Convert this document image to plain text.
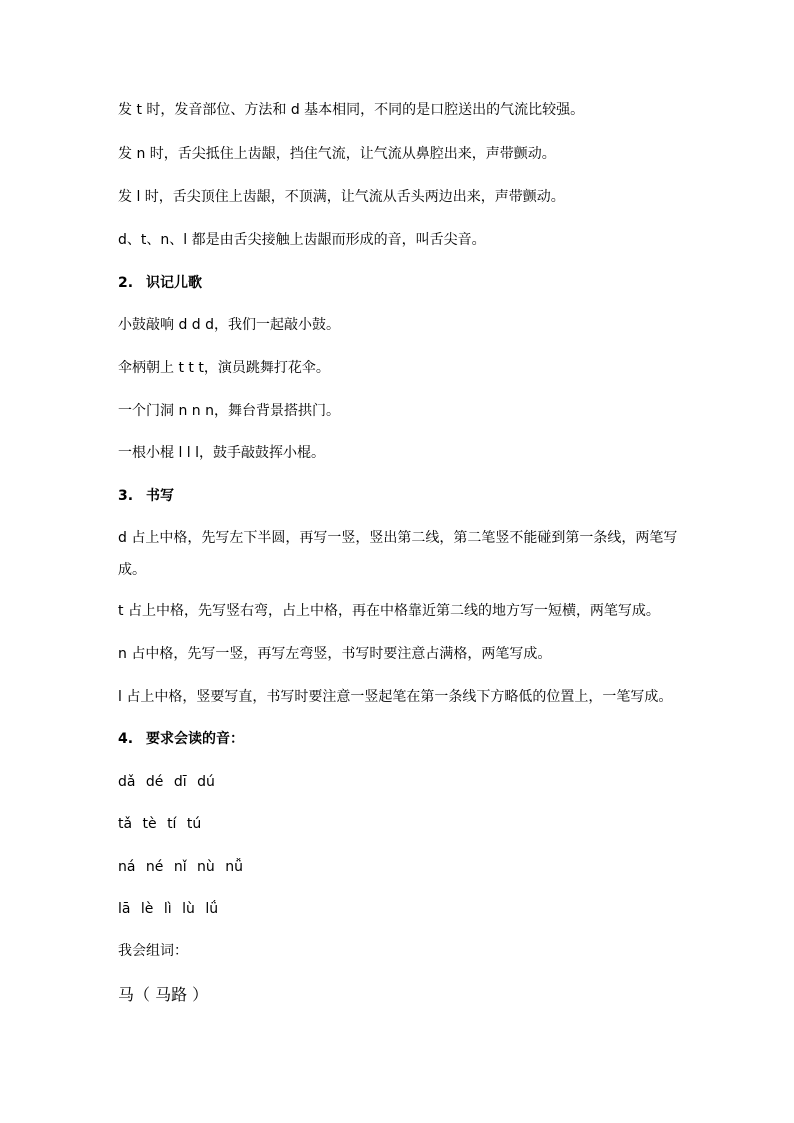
发 t 时，发音部位、方法和 d 基本相同，不同的是口腔送出的气流比较强。
发 n 时，舌尖抵住上齿龈，挡住气流，让气流从鼻腔出来，声带颤动。
发 l 时，舌尖顶住上齿龈，不顶满，让气流从舌头两边出来，声带颤动。
d、t、n、l 都是由舌尖接触上齿龈而形成的音，叫舌尖音。
2. 识记儿歌
小鼓敲响 d d d，我们一起敲小鼓。
伞柄朝上 t t t，演员跳舞打花伞。
一个门洞 n n n，舞台背景搭拱门。
一根小棍 l l l，鼓手敲鼓挥小棍。
3. 书写
d 占上中格，先写左下半圆，再写一竖，竖出第二线，第二笔竖不能碰到第一条线，两笔写成。
t 占上中格，先写竖右弯，占上中格，再在中格靠近第二线的地方写一短横，两笔写成。
n 占中格，先写一竖，再写左弯竖，书写时要注意占满格，两笔写成。
l 占上中格，竖要写直，书写时要注意一竖起笔在第一条线下方略低的位置上，一笔写成。
4. 要求会读的音：
dǎ dé dī dú
tǎ tè tí tú
ná né nǐ nù nǚ
lā lè lì lù lǘ
我会组词：
马（ 马路 ）
